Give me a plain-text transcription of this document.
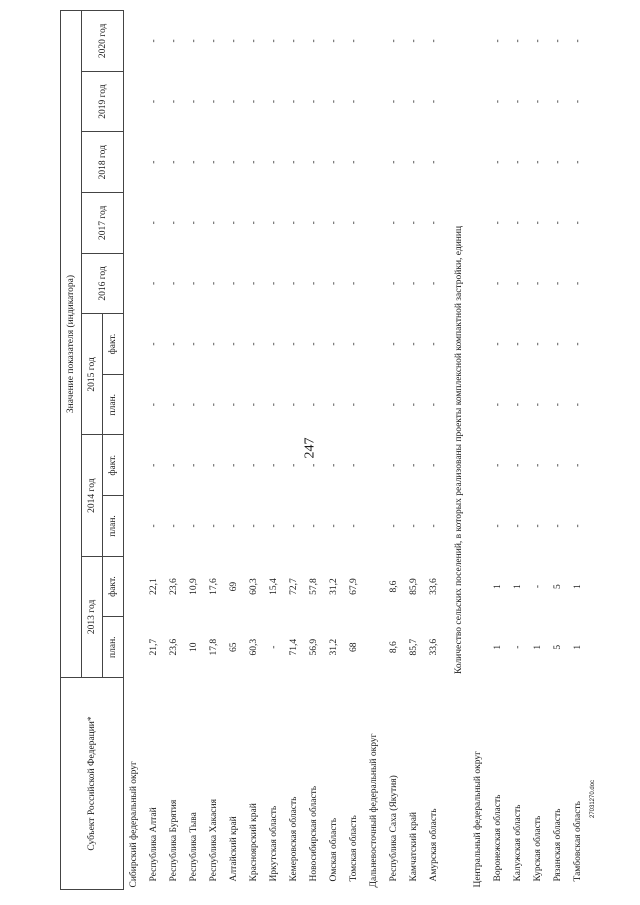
247
27031270.doc
Субъект Российской Федерации*	Значение показателя (индикатора)										
	2013 год		2014 год		2015 год		2016 год	2017 год	2018 год	2019 год	2020 год
	план.	факт.	план.	факт.	план.	факт.					
Сибирский федеральный округ											
Республика Алтай	21,7	22,1	-	-	-	-	-	-	-	-	-
Республика Бурятия	23,6	23,6	-	-	-	-	-	-	-	-	-
Республика Тыва	10	10,9	-	-	-	-	-	-	-	-	-
Республика Хакасия	17,8	17,6	-	-	-	-	-	-	-	-	-
Алтайский край	65	69	-	-	-	-	-	-	-	-	-
Красноярский край	60,3	60,3	-	-	-	-	-	-	-	-	-
Иркутская область	-	15,4	-	-	-	-	-	-	-	-	-
Кемеровская область	71,4	72,7	-	-	-	-	-	-	-	-	-
Новосибирская область	56,9	57,8	-	-	-	-	-	-	-	-	-
Омская область	31,2	31,2	-	-	-	-	-	-	-	-	-
Томская область	68	67,9	-	-	-	-	-	-	-	-	-
Дальневосточный федеральный округ											
Республика Саха (Якутия)	8,6	8,6	-	-	-	-	-	-	-	-	-
Камчатский край	85,7	85,9	-	-	-	-	-	-	-	-	-
Амурская область	33,6	33,6	-	-	-	-	-	-	-	-	-
Количество сельских поселений, в которых реализованы проекты комплексной компактной застройки, единиц											
Центральный федеральный округ											
Воронежская область	1	1	-	-	-	-	-	-	-	-	-
Калужская область	-	1	-	-	-	-	-	-	-	-	-
Курская область	1	-	-	-	-	-	-	-	-	-	-
Рязанская область	5	5	-	-	-	-	-	-	-	-	-
Тамбовская область	1	1	-	-	-	-	-	-	-	-	-
